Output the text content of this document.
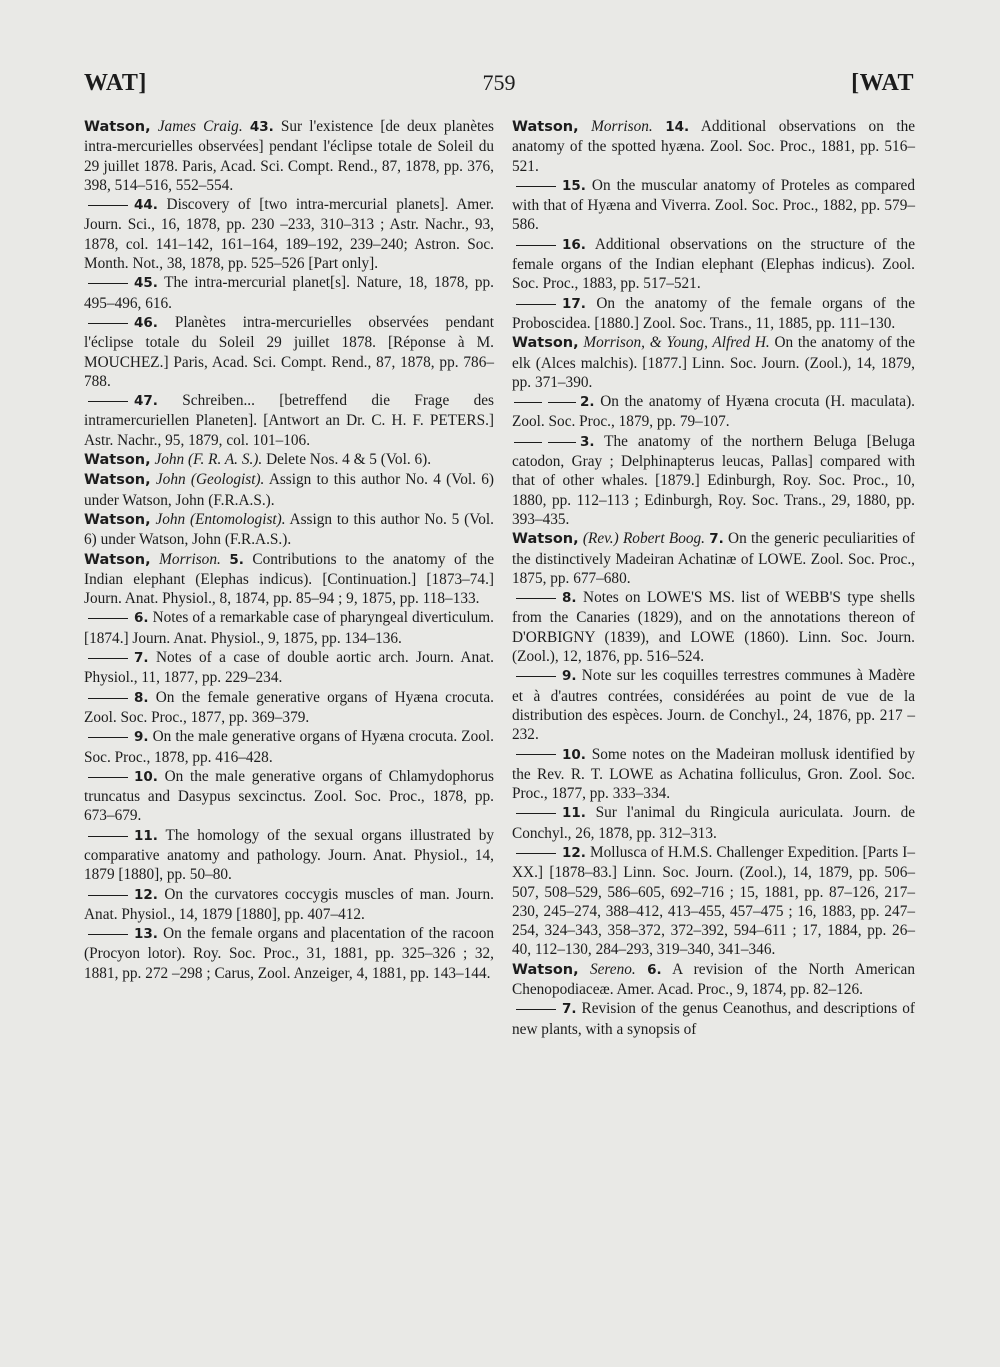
WAT]	759	[WAT

Watson, James Craig. 43. Sur l'existence [de deux planètes intra-mercurielles observées] pendant l'éclipse totale de Soleil du 29 juillet 1878. Paris, Acad. Sci. Compt. Rend., 87, 1878, pp. 376, 398, 514–516, 552–554.

44. Discovery of [two intra-mercurial planets]. Amer. Journ. Sci., 16, 1878, pp. 230 –233, 310–313 ; Astr. Nachr., 93, 1878, col. 141–142, 161–164, 189–192, 239–240; Astron. Soc. Month. Not., 38, 1878, pp. 525–526 [Part only].

45. The intra-mercurial planet[s]. Nature, 18, 1878, pp. 495–496, 616.

46. Planètes intra-mercurielles observées pendant l'éclipse totale du Soleil 29 juillet 1878. [Réponse à M. MOUCHEZ.] Paris, Acad. Sci. Compt. Rend., 87, 1878, pp. 786–788.

47. Schreiben... [betreffend die Frage des intramercuriellen Planeten]. [Antwort an Dr. C. H. F. PETERS.] Astr. Nachr., 95, 1879, col. 101–106.

Watson, John (F. R. A. S.). Delete Nos. 4 & 5 (Vol. 6).

Watson, John (Geologist). Assign to this author No. 4 (Vol. 6) under Watson, John (F.R.A.S.).

Watson, John (Entomologist). Assign to this author No. 5 (Vol. 6) under Watson, John (F.R.A.S.).

Watson, Morrison. 5. Contributions to the anatomy of the Indian elephant (Elephas indicus). [Continuation.] [1873–74.] Journ. Anat. Physiol., 8, 1874, pp. 85–94 ; 9, 1875, pp. 118–133.

6. Notes of a remarkable case of pharyngeal diverticulum. [1874.] Journ. Anat. Physiol., 9, 1875, pp. 134–136.

7. Notes of a case of double aortic arch. Journ. Anat. Physiol., 11, 1877, pp. 229–234.

8. On the female generative organs of Hyæna crocuta. Zool. Soc. Proc., 1877, pp. 369–379.

9. On the male generative organs of Hyæna crocuta. Zool. Soc. Proc., 1878, pp. 416–428.

10. On the male generative organs of Chlamydophorus truncatus and Dasypus sexcinctus. Zool. Soc. Proc., 1878, pp. 673–679.

11. The homology of the sexual organs illustrated by comparative anatomy and pathology. Journ. Anat. Physiol., 14, 1879 [1880], pp. 50–80.

12. On the curvatores coccygis muscles of man. Journ. Anat. Physiol., 14, 1879 [1880], pp. 407–412.

13. On the female organs and placentation of the racoon (Procyon lotor). Roy. Soc. Proc., 31, 1881, pp. 325–326 ; 32, 1881, pp. 272 –298 ; Carus, Zool. Anzeiger, 4, 1881, pp. 143–144.

Watson, Morrison. 14. Additional observations on the anatomy of the spotted hyæna. Zool. Soc. Proc., 1881, pp. 516–521.

15. On the muscular anatomy of Proteles as compared with that of Hyæna and Viverra. Zool. Soc. Proc., 1882, pp. 579–586.

16. Additional observations on the structure of the female organs of the Indian elephant (Elephas indicus). Zool. Soc. Proc., 1883, pp. 517–521.

17. On the anatomy of the female organs of the Proboscidea. [1880.] Zool. Soc. Trans., 11, 1885, pp. 111–130.

Watson, Morrison, & Young, Alfred H. On the anatomy of the elk (Alces malchis). [1877.] Linn. Soc. Journ. (Zool.), 14, 1879, pp. 371–390.

2. On the anatomy of Hyæna crocuta (H. maculata). Zool. Soc. Proc., 1879, pp. 79–107.

3. The anatomy of the northern Beluga [Beluga catodon, Gray ; Delphinapterus leucas, Pallas] compared with that of other whales. [1879.] Edinburgh, Roy. Soc. Proc., 10, 1880, pp. 112–113 ; Edinburgh, Roy. Soc. Trans., 29, 1880, pp. 393–435.

Watson, (Rev.) Robert Boog. 7. On the generic peculiarities of the distinctively Madeiran Achatinæ of LOWE. Zool. Soc. Proc., 1875, pp. 677–680.

8. Notes on LOWE'S MS. list of WEBB'S type shells from the Canaries (1829), and on the annotations thereon of D'ORBIGNY (1839), and LOWE (1860). Linn. Soc. Journ. (Zool.), 12, 1876, pp. 516–524.

9. Note sur les coquilles terrestres communes à Madère et à d'autres contrées, considérées au point de vue de la distribution des espèces. Journ. de Conchyl., 24, 1876, pp. 217 –232.

10. Some notes on the Madeiran mollusk identified by the Rev. R. T. LOWE as Achatina folliculus, Gron. Zool. Soc. Proc., 1877, pp. 333–334.

11. Sur l'animal du Ringicula auriculata. Journ. de Conchyl., 26, 1878, pp. 312–313.

12. Mollusca of H.M.S. Challenger Expedition. [Parts I–XX.] [1878–83.] Linn. Soc. Journ. (Zool.), 14, 1879, pp. 506–507, 508–529, 586–605, 692–716 ; 15, 1881, pp. 87–126, 217–230, 245–274, 388–412, 413–455, 457–475 ; 16, 1883, pp. 247–254, 324–343, 358–372, 372–392, 594–611 ; 17, 1884, pp. 26–40, 112–130, 284–293, 319–340, 341–346.

Watson, Sereno. 6. A revision of the North American Chenopodiaceæ. Amer. Acad. Proc., 9, 1874, pp. 82–126.

7. Revision of the genus Ceanothus, and descriptions of new plants, with a synopsis of
